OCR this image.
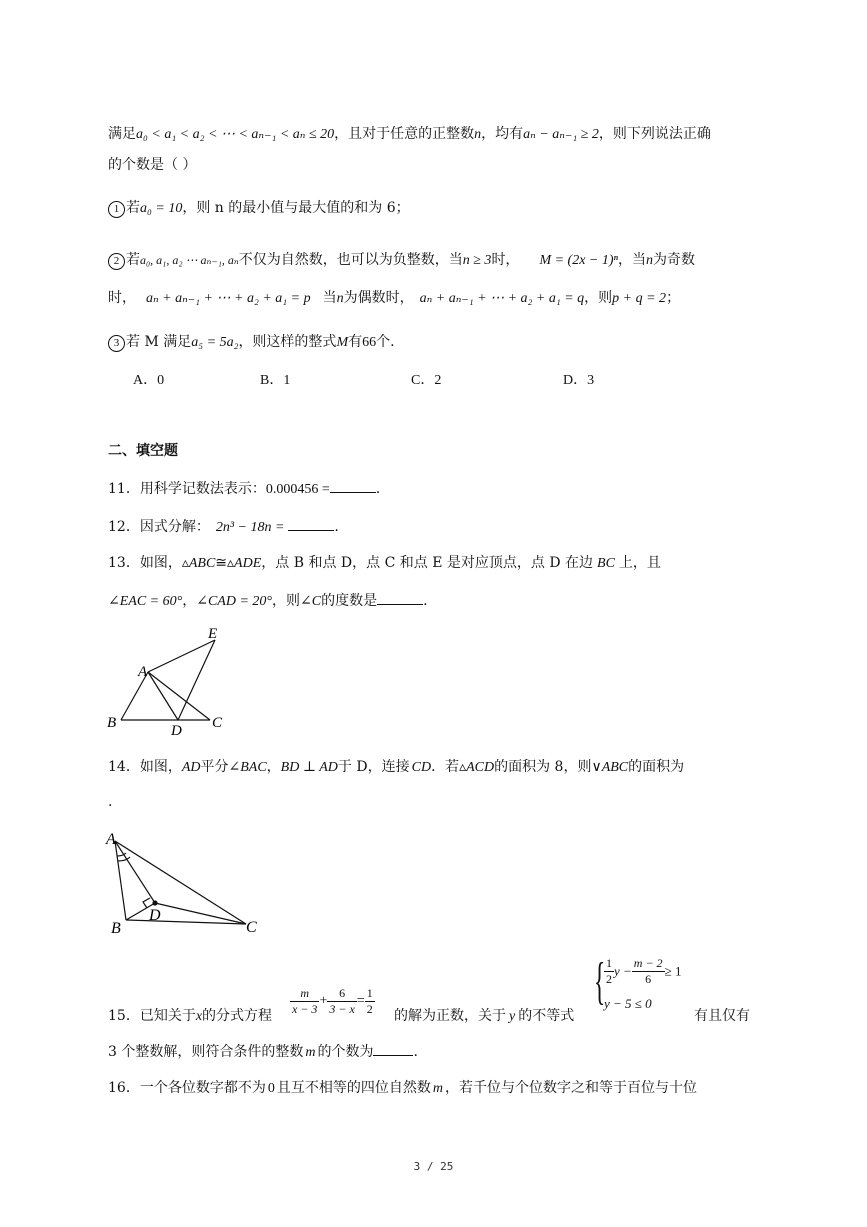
满足a₀ < a₁ < a₂ < ⋯ < aₙ₋₁ < aₙ ≤ 20，且对于任意的正整数n，均有aₙ − aₙ₋₁ ≥ 2，则下列说法正确
的个数是（ ）
1 若a₀ = 10，则 n 的最小值与最大值的和为 6；
2 若a₀, a₁, a₂ ⋯ aₙ₋₁, aₙ不仅为自然数，也可以为负整数，当n ≥ 3时， M = (2x − 1)ⁿ，当n为奇数
时， aₙ + aₙ₋₁ + ⋯ + a₂ + a₁ = p 当n为偶数时， aₙ + aₙ₋₁ + ⋯ + a₂ + a₁ = q，则p + q = 2；
3 若 M 满足a₅ = 5a₂，则这样的整式M有66个.
A．0	B．1	C．2	D．3
二、填空题
11．用科学记数法表示：0.000456 =	.
12．因式分解： 2n³ − 18n =	.
13．如图，▵ABC≅▵ADE，点 B 和点 D，点 C 和点 E 是对应顶点，点 D 在边 BC 上，且
∠EAC = 60°，∠CAD = 20°，则∠C的度数是	.
E
A
B	D C
14．如图，AD平分∠BAC，BD ⊥ AD于 D，连接 CD．若▵ACD的面积为 8，则∨ABC的面积为
.
A
D
B	C
15．已知关于x的分式方程 $\frac{m}{x - 3} + \frac{6}{3 - x} = \frac{1}{2}$ 的解为正数，关于 y 的不等式
{
$\frac{1}{2}$ $y - \frac{m - 2}{6} \ge 1$
y − 5 ≤ 0
有且仅有
3 个整数解，则符合条件的整数 m 的个数为	.
16．一个各位数字都不为 0 且互不相等的四位自然数 m ，若千位与个位数字之和等于百位与十位
3 / 25
